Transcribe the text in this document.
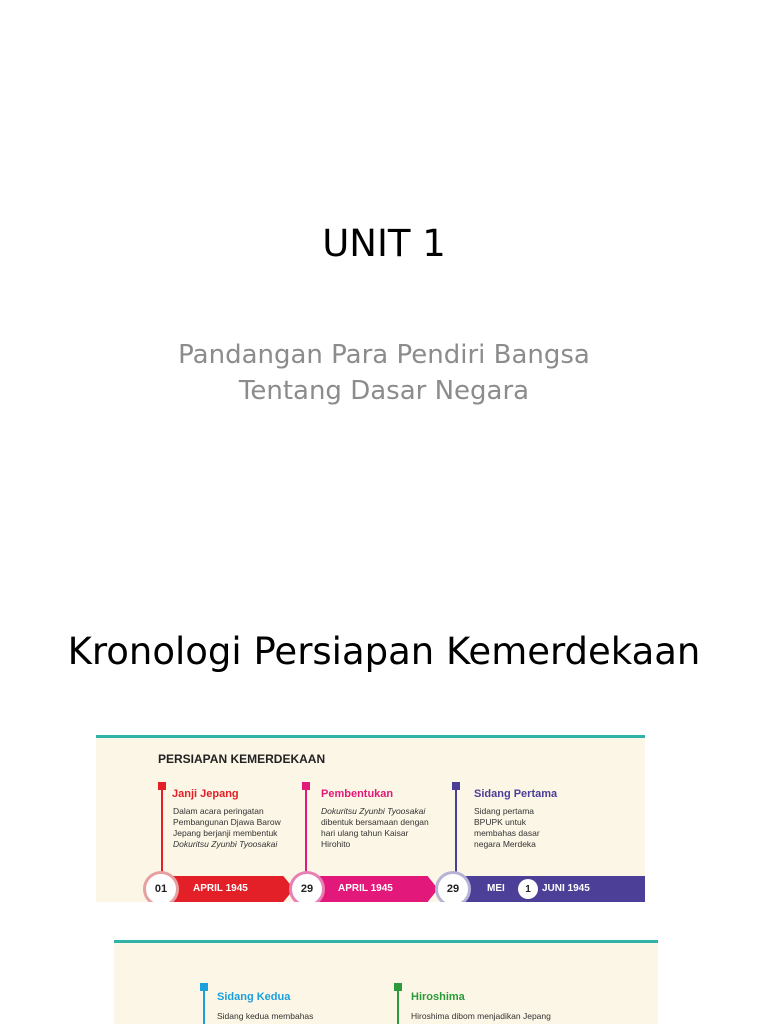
UNIT 1
Pandangan Para Pendiri Bangsa
Tentang Dasar Negara
Kronologi Persiapan Kemerdekaan
PERSIAPAN KEMERDEKAAN
Janji Jepang
Dalam acara peringatan
Pembangunan Djawa Barow
Jepang berjanji membentuk
Dokuritsu Zyunbi Tyoosakai
Pembentukan
Dokuritsu Zyunbi Tyoosakai
dibentuk bersamaan dengan
hari ulang tahun Kaisar
Hirohito
Sidang Pertama
Sidang pertama
BPUPK untuk
membahas dasar
negara Merdeka
APRIL 1945	APRIL 1945	MEI	JUNI 1945
01	29	29	1
Sidang Kedua
Sidang kedua membahas
Hiroshima
Hiroshima dibom menjadikan Jepang
